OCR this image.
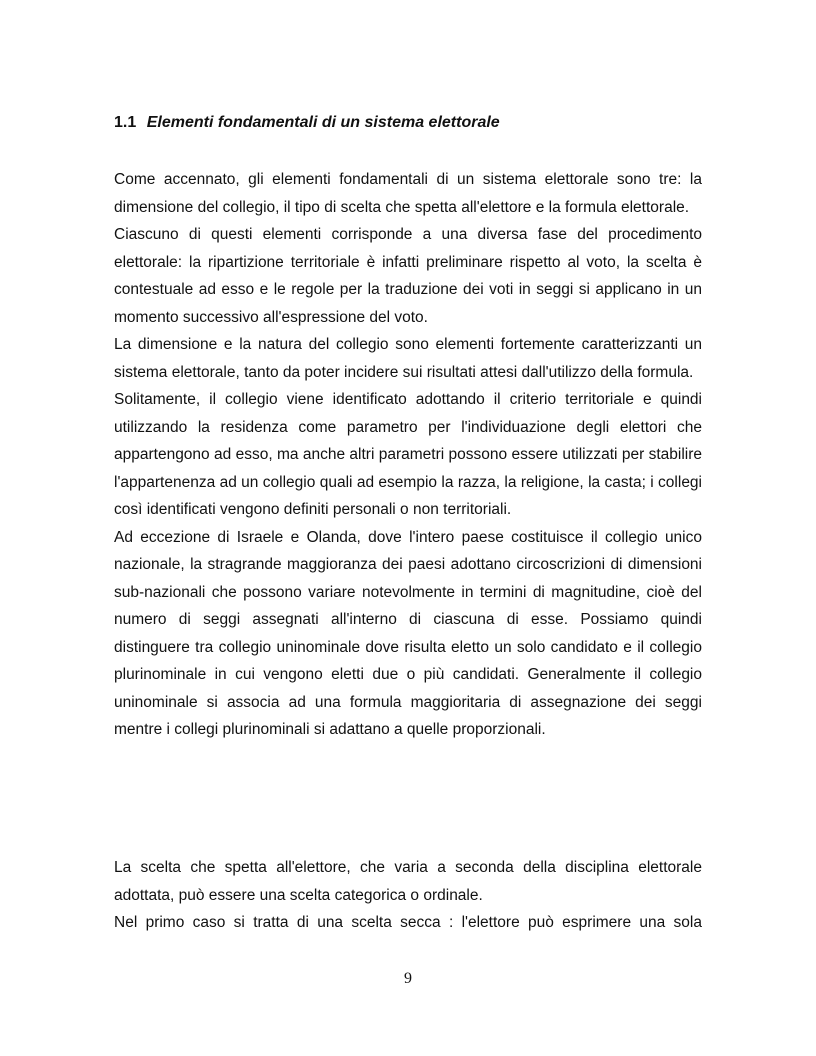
1.1 Elementi fondamentali di un sistema elettorale

Come accennato, gli elementi fondamentali di un sistema elettorale sono tre: la dimensione del collegio, il tipo di scelta che spetta all'elettore e la formula elettorale.

Ciascuno di questi elementi corrisponde a una diversa fase del procedimento elettorale: la ripartizione territoriale è infatti preliminare rispetto al voto, la scelta è contestuale ad esso e le regole per la traduzione dei voti in seggi si applicano in un momento successivo all'espressione del voto.

La dimensione e la natura del collegio sono elementi fortemente caratterizzanti un sistema elettorale, tanto da poter incidere sui risultati attesi dall'utilizzo della formula.

Solitamente, il collegio viene identificato adottando il criterio territoriale e quindi utilizzando la residenza come parametro per l'individuazione degli elettori che appartengono ad esso, ma anche altri parametri possono essere utilizzati per stabilire l'appartenenza ad un collegio quali ad esempio la razza, la religione, la casta; i collegi così identificati vengono definiti personali o non territoriali.

Ad eccezione di Israele e Olanda, dove l'intero paese costituisce il collegio unico nazionale, la stragrande maggioranza dei paesi adottano circoscrizioni di dimensioni sub-nazionali che possono variare notevolmente in termini di magnitudine, cioè del numero di seggi assegnati all'interno di ciascuna di esse. Possiamo quindi distinguere tra collegio uninominale dove risulta eletto un solo candidato e il collegio plurinominale in cui vengono eletti due o più candidati. Generalmente il collegio uninominale si associa ad una formula maggioritaria di assegnazione dei seggi mentre i collegi plurinominali si adattano a quelle proporzionali.

La scelta che spetta all'elettore, che varia a seconda della disciplina elettorale adottata, può essere una scelta categorica o ordinale.

Nel primo caso si tratta di una scelta secca : l'elettore può esprimere una sola

9
